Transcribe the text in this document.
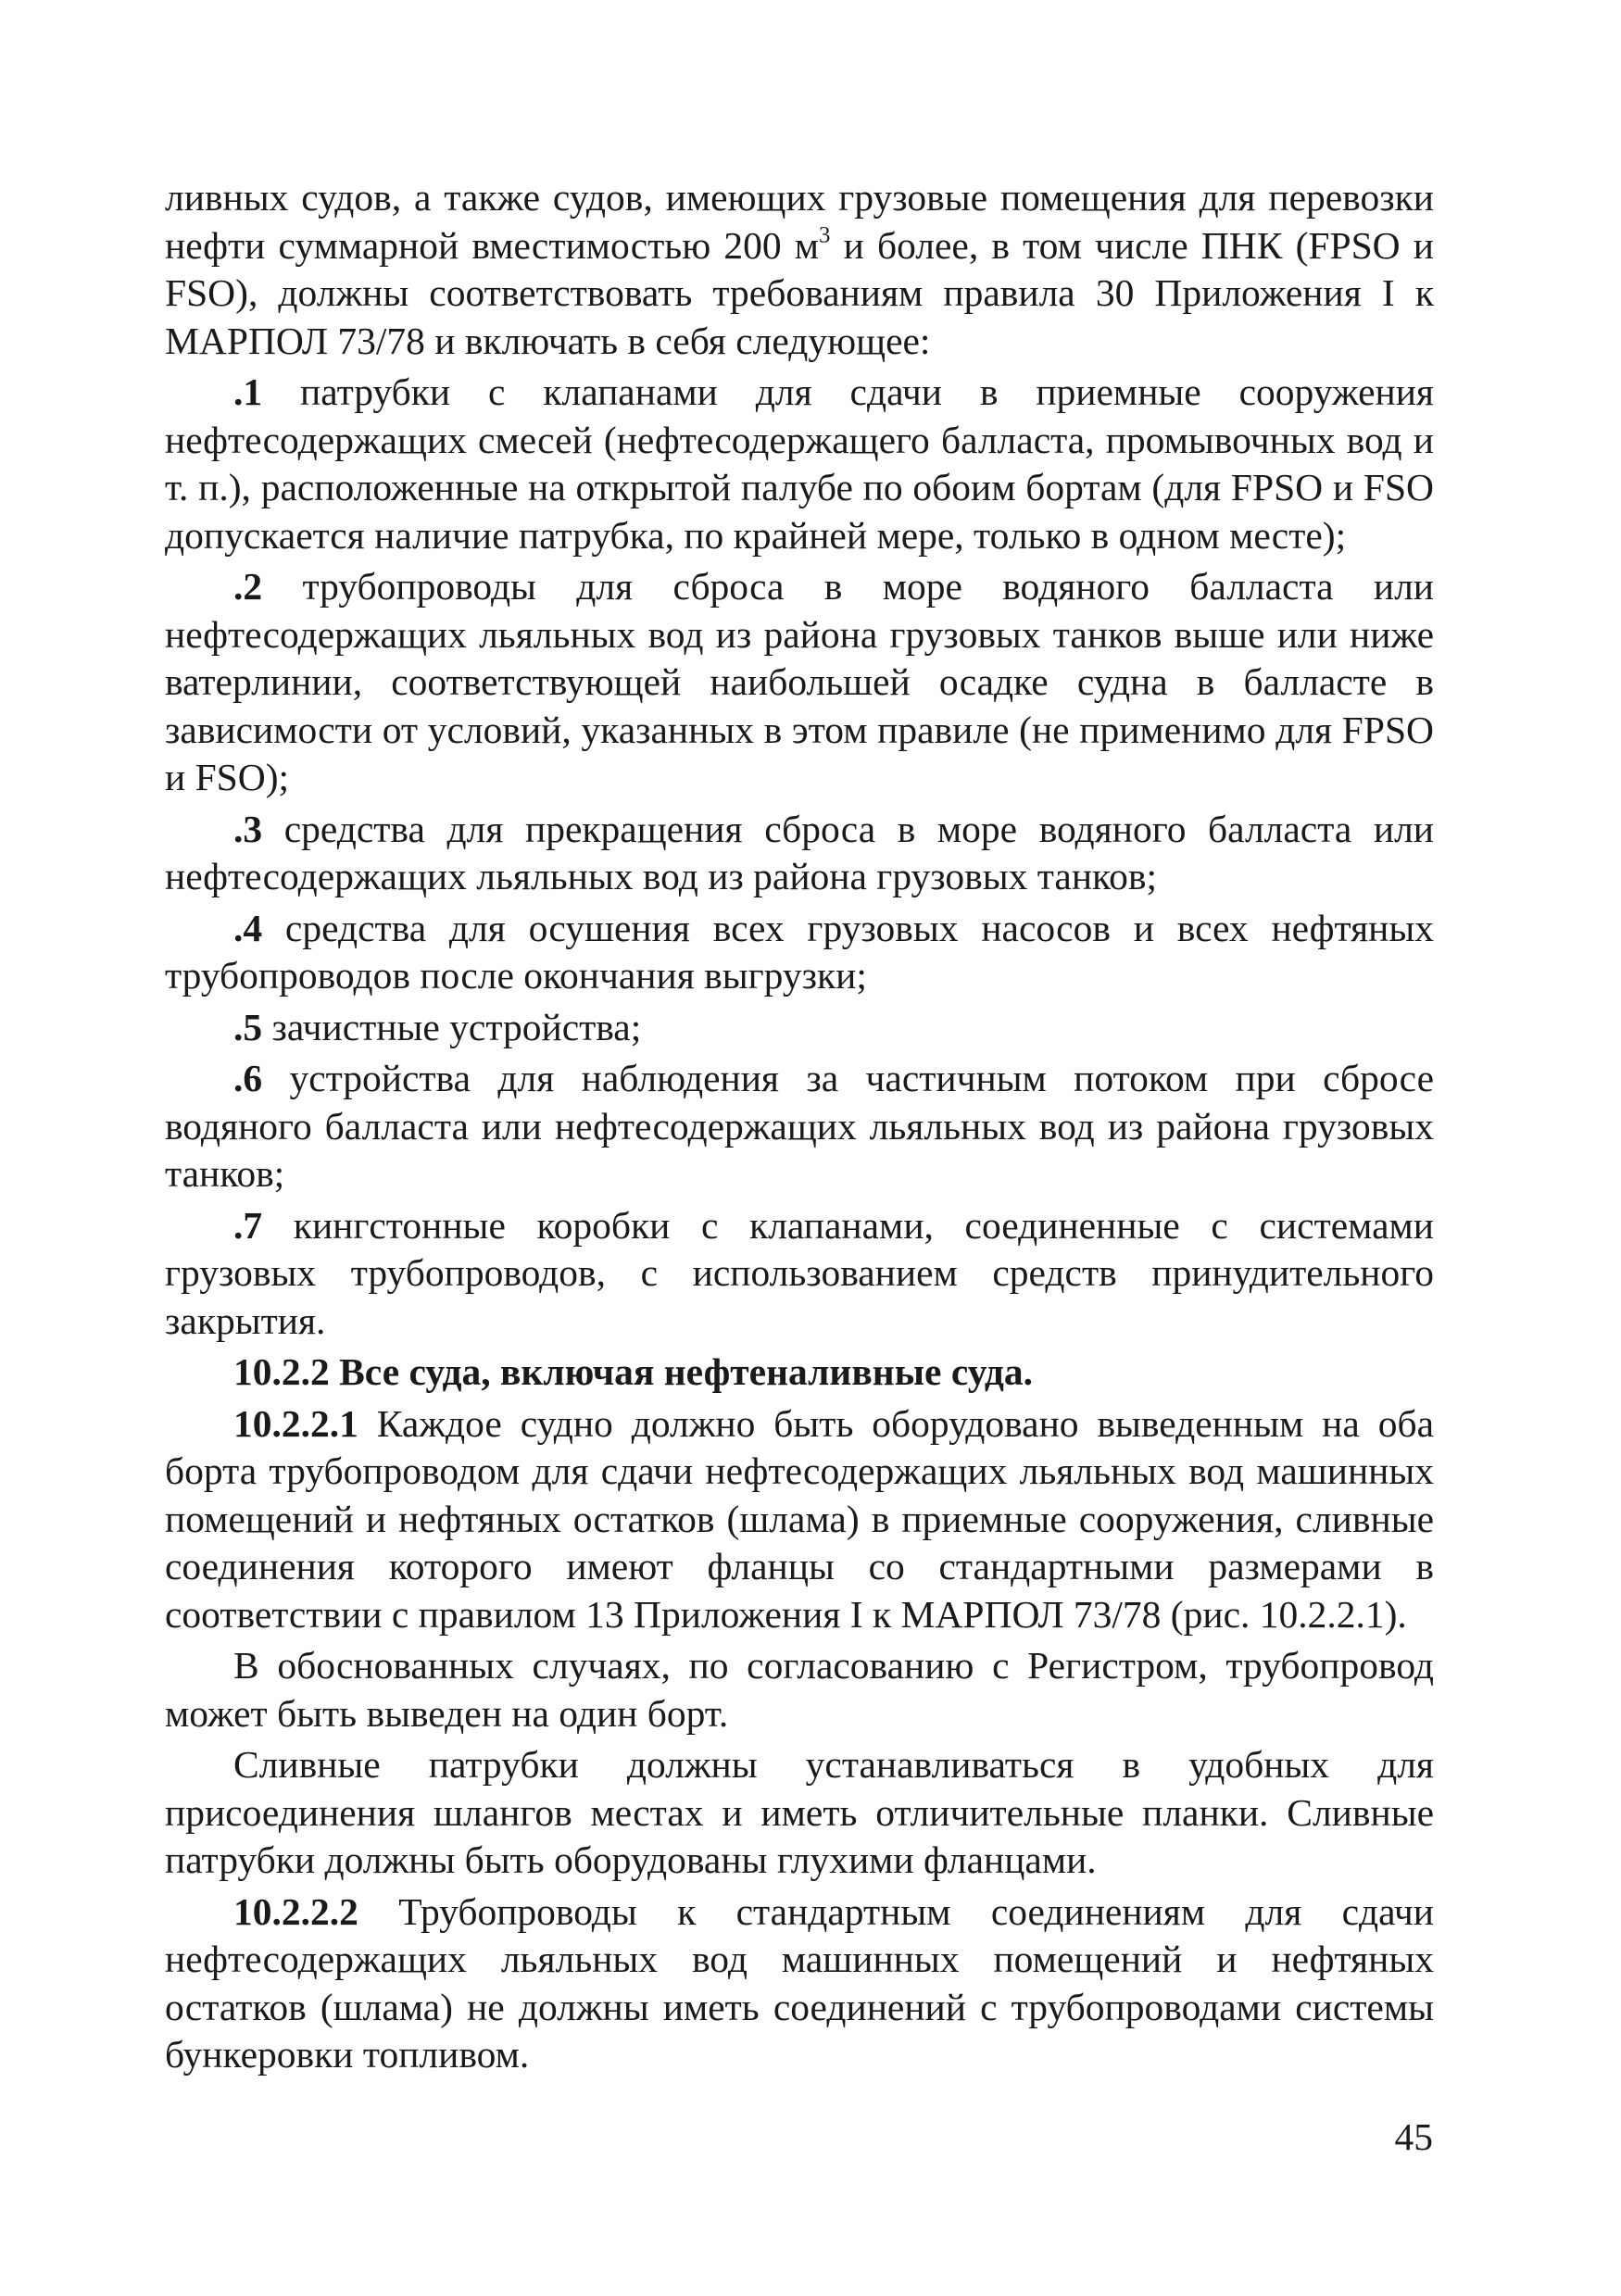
ливных судов, а также судов, имеющих грузовые помещения для перевозки нефти суммарной вместимостью 200 $м^3$ и более, в том числе ПНК (FPSO и FSO), должны соответствовать требованиям правила 30 Приложения I к МАРПОЛ 73/78 и включать в себя следующее:

.1 патрубки с клапанами для сдачи в приемные сооружения нефтесодержащих смесей (нефтесодержащего балласта, промывочных вод и т. п.), расположенные на открытой палубе по обоим бортам (для FPSO и FSO допускается наличие патрубка, по крайней мере, только в одном месте);

.2 трубопроводы для сброса в море водяного балласта или нефтесодержащих льяльных вод из района грузовых танков выше или ниже ватерлинии, соответствующей наибольшей осадке судна в балласте в зависимости от условий, указанных в этом правиле (не применимо для FPSO и FSO);

.3 средства для прекращения сброса в море водяного балласта или нефтесодержащих льяльных вод из района грузовых танков;

.4 средства для осушения всех грузовых насосов и всех нефтяных трубопроводов после окончания выгрузки;

.5 зачистные устройства;

.6 устройства для наблюдения за частичным потоком при сбросе водяного балласта или нефтесодержащих льяльных вод из района грузовых танков;

.7 кингстонные коробки с клапанами, соединенные с системами грузовых трубопроводов, с использованием средств принудительного закрытия.

10.2.2 Все суда, включая нефтеналивные суда.

10.2.2.1 Каждое судно должно быть оборудовано выведенным на оба борта трубопроводом для сдачи нефтесодержащих льяльных вод машинных помещений и нефтяных остатков (шлама) в приемные сооружения, сливные соединения которого имеют фланцы со стандартными размерами в соответствии с правилом 13 Приложения I к МАРПОЛ 73/78 (рис. 10.2.2.1).

В обоснованных случаях, по согласованию с Регистром, трубопровод может быть выведен на один борт.

Сливные патрубки должны устанавливаться в удобных для присоединения шлангов местах и иметь отличительные планки. Сливные патрубки должны быть оборудованы глухими фланцами.

10.2.2.2 Трубопроводы к стандартным соединениям для сдачи нефтесодержащих льяльных вод машинных помещений и нефтяных остатков (шлама) не должны иметь соединений с трубопроводами системы бункеровки топливом.

45
